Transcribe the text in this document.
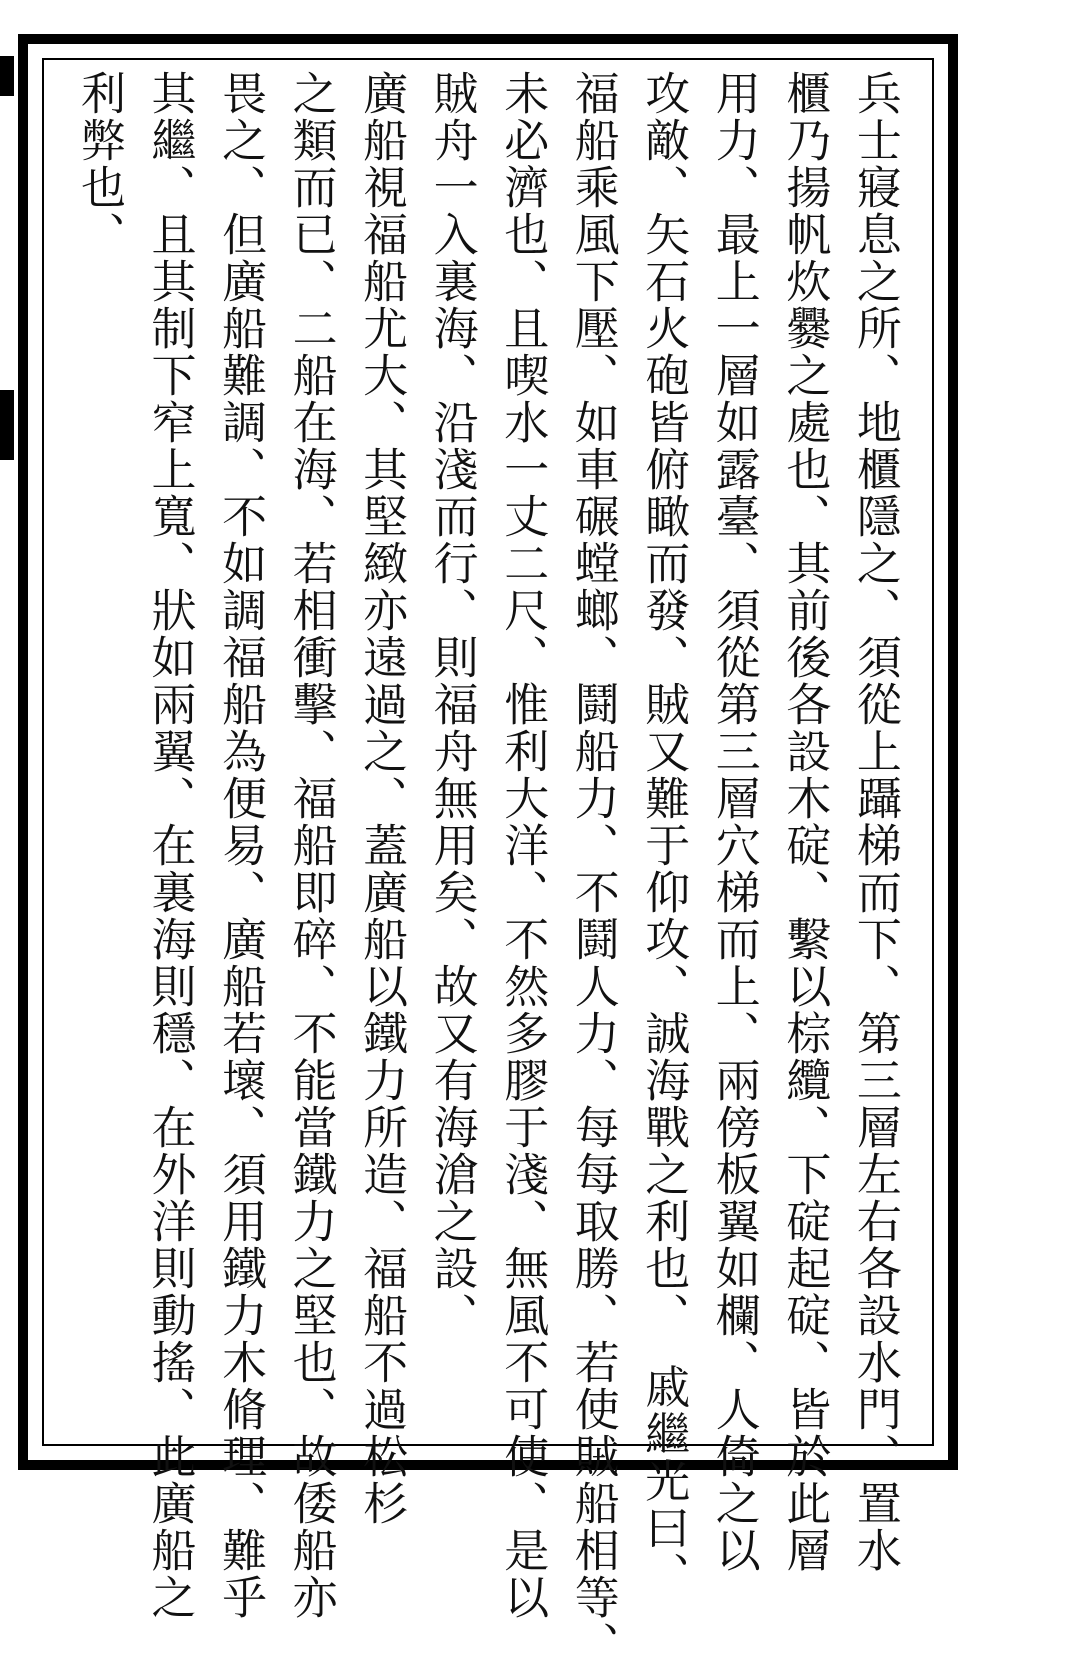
兵士寢息之所、地櫃隱之、須從上躡梯而下、第三層左右各設水門、置水
櫃乃揚帆炊爨之處也、其前後各設木碇、繫以棕纜、下碇起碇、皆於此層
用力、最上一層如露臺、須從第三層穴梯而上、兩傍板翼如欄、人倚之以
攻敵、矢石火砲皆俯瞰而發、賊又難于仰攻、誠海戰之利也、　戚繼光曰、
福船乘風下壓、如車碾螳螂、鬪船力、不鬪人力、每每取勝、若使賊船相等、
未必濟也、且喫水一丈二尺、惟利大洋、不然多膠于淺、無風不可使、是以
賊舟一入裏海、沿淺而行、則福舟無用矣、故又有海滄之設、
廣船視福船尤大、其堅緻亦遠過之、蓋廣船以鐵力所造、福船不過松杉
之類而已、二船在海、若相衝擊、福船即碎、不能當鐵力之堅也、故倭船亦
畏之、但廣船難調、不如調福船為便易、廣船若壞、須用鐵力木脩理、難乎
其繼、且其制下窄上寬、狀如兩翼、在裏海則穩、在外洋則動搖、此廣船之
利弊也、
